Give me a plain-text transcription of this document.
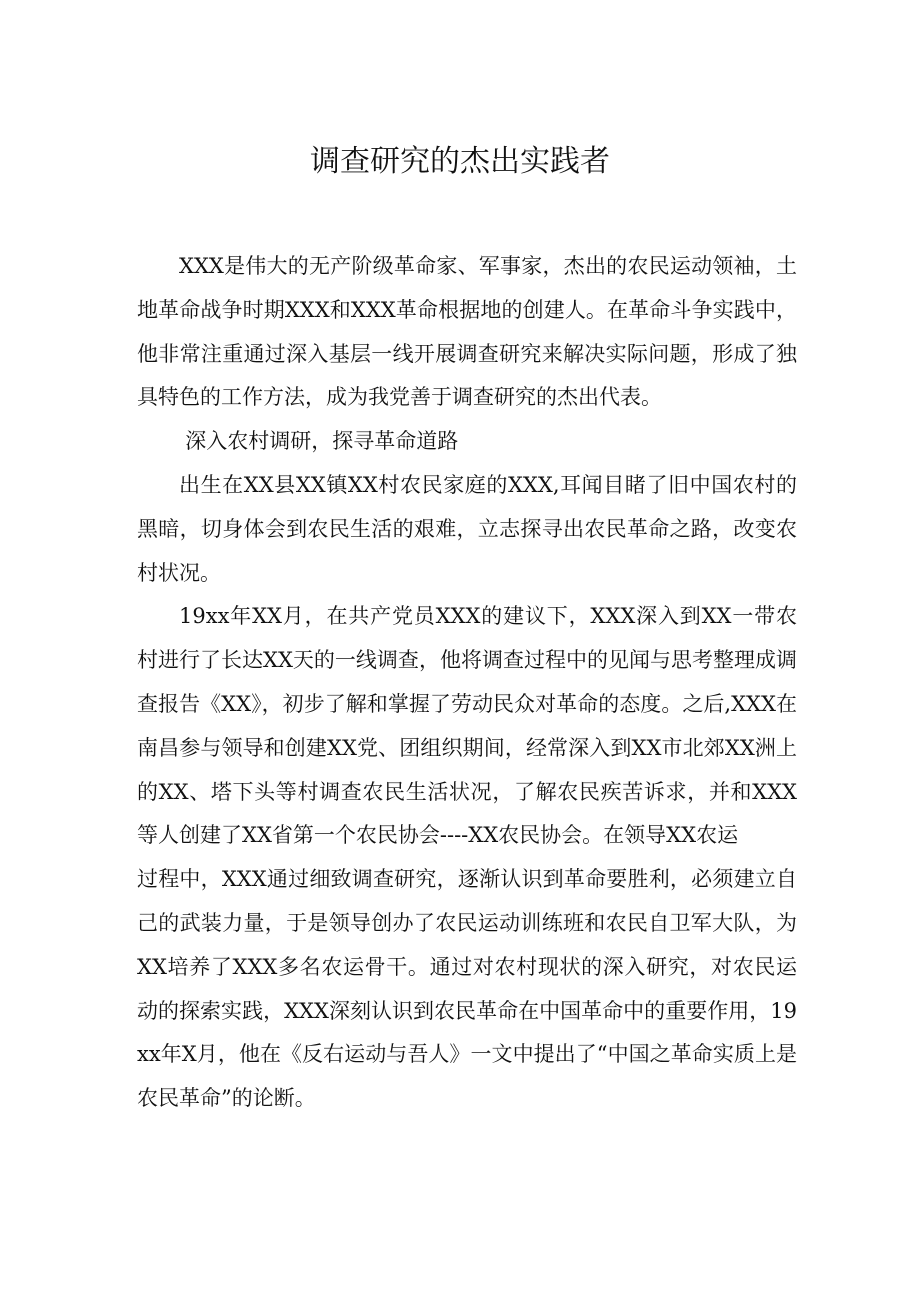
调查研究的杰出实践者

XXX是伟大的无产阶级革命家、军事家，杰出的农民运动领袖，土地革命战争时期XXX和XXX革命根据地的创建人。在革命斗争实践中，他非常注重通过深入基层一线开展调查研究来解决实际问题，形成了独具特色的工作方法，成为我党善于调查研究的杰出代表。

深入农村调研，探寻革命道路

出生在XX县XX镇XX村农民家庭的XXX,耳闻目睹了旧中国农村的黑暗，切身体会到农民生活的艰难，立志探寻出农民革命之路，改变农村状况。

19xx年XX月，在共产党员XXX的建议下，XXX深入到XX一带农村进行了长达XX天的一线调查，他将调查过程中的见闻与思考整理成调查报告《XX》，初步了解和掌握了劳动民众对革命的态度。之后,XXX在南昌参与领导和创建XX党、团组织期间，经常深入到XX市北郊XX洲上的XX、塔下头等村调查农民生活状况，了解农民疾苦诉求，并和XXX等人创建了XX省第一个农民协会----XX农民协会。在领导XX农运

过程中，XXX通过细致调查研究，逐渐认识到革命要胜利，必须建立自己的武装力量，于是领导创办了农民运动训练班和农民自卫军大队，为XX培养了XXX多名农运骨干。通过对农村现状的深入研究，对农民运动的探索实践，XXX深刻认识到农民革命在中国革命中的重要作用，19xx年X月，他在《反右运动与吾人》一文中提出了“中国之革命实质上是农民革命”的论断。
